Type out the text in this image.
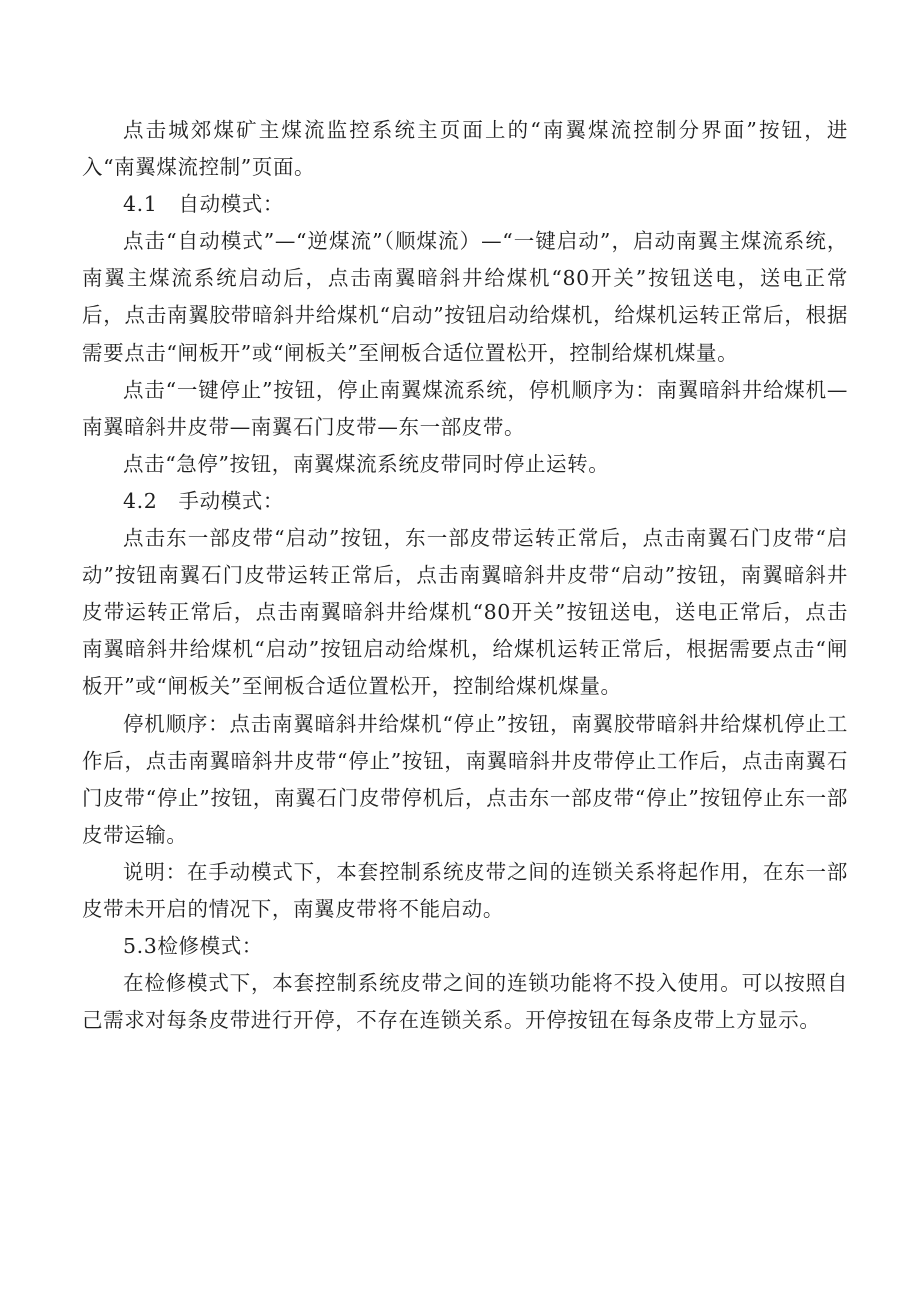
点击城郊煤矿主煤流监控系统主页面上的“南翼煤流控制分界面”按钮，进入“南翼煤流控制”页面。

4.1　自动模式：

点击“自动模式”—“逆煤流”（顺煤流）—“一键启动”，启动南翼主煤流系统，南翼主煤流系统启动后，点击南翼暗斜井给煤机“80开关”按钮送电，送电正常后，点击南翼胶带暗斜井给煤机“启动”按钮启动给煤机，给煤机运转正常后，根据需要点击“闸板开”或“闸板关”至闸板合适位置松开，控制给煤机煤量。

点击“一键停止”按钮，停止南翼煤流系统，停机顺序为：南翼暗斜井给煤机—南翼暗斜井皮带—南翼石门皮带—东一部皮带。

点击“急停”按钮，南翼煤流系统皮带同时停止运转。

4.2　手动模式：

点击东一部皮带“启动”按钮，东一部皮带运转正常后，点击南翼石门皮带“启动”按钮南翼石门皮带运转正常后，点击南翼暗斜井皮带“启动”按钮，南翼暗斜井皮带运转正常后，点击南翼暗斜井给煤机“80开关”按钮送电，送电正常后，点击南翼暗斜井给煤机“启动”按钮启动给煤机，给煤机运转正常后，根据需要点击“闸板开”或“闸板关”至闸板合适位置松开，控制给煤机煤量。

停机顺序：点击南翼暗斜井给煤机“停止”按钮，南翼胶带暗斜井给煤机停止工作后，点击南翼暗斜井皮带“停止”按钮，南翼暗斜井皮带停止工作后，点击南翼石门皮带“停止”按钮，南翼石门皮带停机后，点击东一部皮带“停止”按钮停止东一部皮带运输。

说明：在手动模式下，本套控制系统皮带之间的连锁关系将起作用，在东一部皮带未开启的情况下，南翼皮带将不能启动。

5.3检修模式：

在检修模式下，本套控制系统皮带之间的连锁功能将不投入使用。可以按照自己需求对每条皮带进行开停，不存在连锁关系。开停按钮在每条皮带上方显示。
